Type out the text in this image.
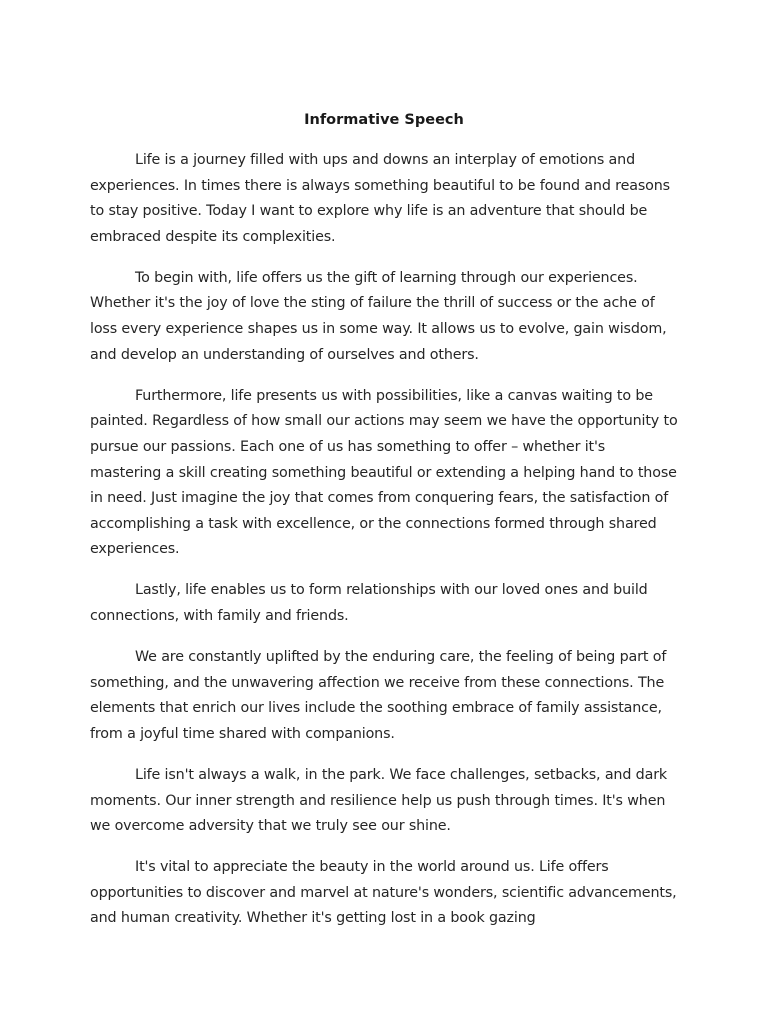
Informative Speech

Life is a journey filled with ups and downs an interplay of emotions and experiences. In times there is always something beautiful to be found and reasons to stay positive. Today I want to explore why life is an adventure that should be embraced despite its complexities.

To begin with, life offers us the gift of learning through our experiences. Whether it's the joy of love the sting of failure the thrill of success or the ache of loss every experience shapes us in some way. It allows us to evolve, gain wisdom, and develop an understanding of ourselves and others.

Furthermore, life presents us with possibilities, like a canvas waiting to be painted. Regardless of how small our actions may seem we have the opportunity to pursue our passions. Each one of us has something to offer – whether it's mastering a skill creating something beautiful or extending a helping hand to those in need. Just imagine the joy that comes from conquering fears, the satisfaction of accomplishing a task with excellence, or the connections formed through shared experiences.

Lastly, life enables us to form relationships with our loved ones and build connections, with family and friends.

We are constantly uplifted by the enduring care, the feeling of being part of something, and the unwavering affection we receive from these connections. The elements that enrich our lives include the soothing embrace of family assistance, from a joyful time shared with companions.

Life isn't always a walk, in the park. We face challenges, setbacks, and dark moments. Our inner strength and resilience help us push through times. It's when we overcome adversity that we truly see our shine.

It's vital to appreciate the beauty in the world around us. Life offers opportunities to discover and marvel at nature's wonders, scientific advancements, and human creativity. Whether it's getting lost in a book gazing
